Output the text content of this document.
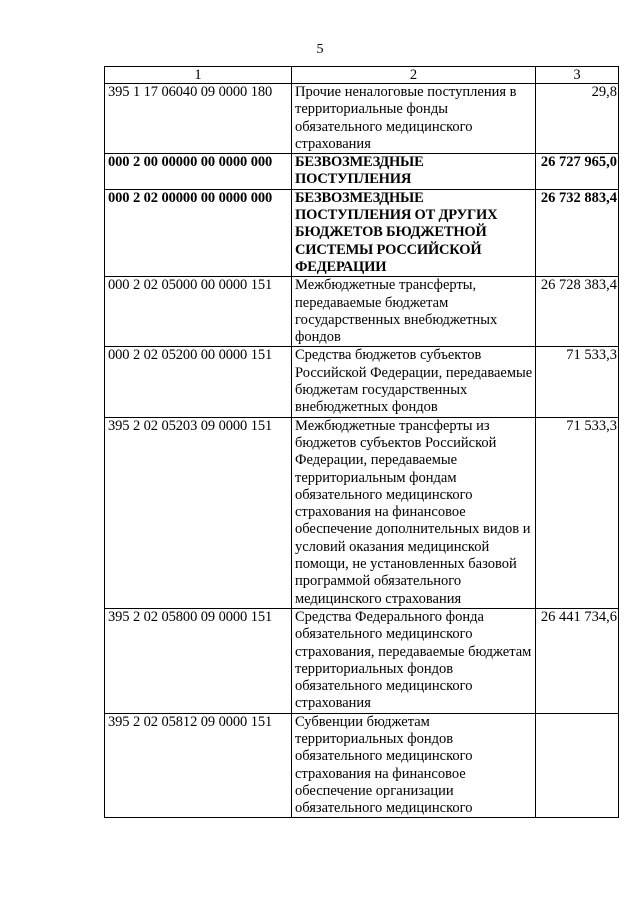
5
1	2	3
395 1 17 06040 09 0000 180	Прочие неналоговые поступления в территориальные фонды обязательного медицинского страхования	29,8
000 2 00 00000 00 0000 000	БЕЗВОЗМЕЗДНЫЕ ПОСТУПЛЕНИЯ	26 727 965,0
000 2 02 00000 00 0000 000	БЕЗВОЗМЕЗДНЫЕ ПОСТУПЛЕНИЯ ОТ ДРУГИХ БЮДЖЕТОВ БЮДЖЕТНОЙ СИСТЕМЫ РОССИЙСКОЙ ФЕДЕРАЦИИ	26 732 883,4
000 2 02 05000 00 0000 151	Межбюджетные трансферты, передаваемые бюджетам государственных внебюджетных фондов	26 728 383,4
000 2 02 05200 00 0000 151	Средства бюджетов субъектов Российской Федерации, передаваемые бюджетам государственных внебюджетных фондов	71 533,3
395 2 02 05203 09 0000 151	Межбюджетные трансферты из бюджетов субъектов Российской Федерации, передаваемые территориальным фондам обязательного медицинского страхования на финансовое обеспечение дополнительных видов и условий оказания медицинской помощи, не установленных базовой программой обязательного медицинского страхования	71 533,3
395 2 02 05800 09 0000 151	Средства Федерального фонда обязательного медицинского страхования, передаваемые бюджетам территориальных фондов обязательного медицинского страхования	26 441 734,6
395 2 02 05812 09 0000 151	Субвенции бюджетам территориальных фондов обязательного медицинского страхования на финансовое обеспечение организации обязательного медицинского	
